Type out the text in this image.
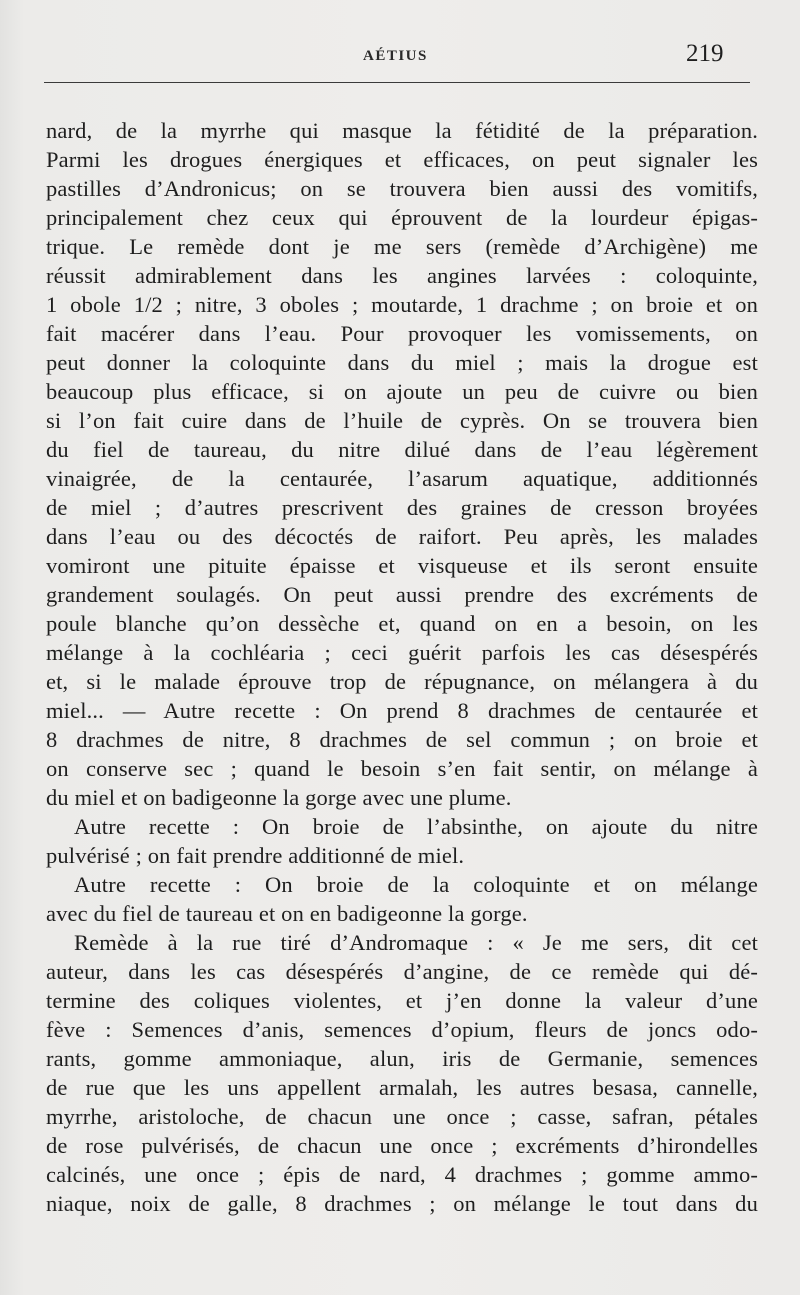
AÉTIUS	219
nard, de la myrrhe qui masque la fétidité de la préparation.
Parmi les drogues énergiques et efficaces, on peut signaler les
pastilles d’Andronicus; on se trouvera bien aussi des vomitifs,
principalement chez ceux qui éprouvent de la lourdeur épigas-
trique. Le remède dont je me sers (remède d’Archigène) me
réussit admirablement dans les angines larvées : coloquinte,
1 obole 1/2 ; nitre, 3 oboles ; moutarde, 1 drachme ; on broie et on
fait macérer dans l’eau. Pour provoquer les vomissements, on
peut donner la coloquinte dans du miel ; mais la drogue est
beaucoup plus efficace, si on ajoute un peu de cuivre ou bien
si l’on fait cuire dans de l’huile de cyprès. On se trouvera bien
du fiel de taureau, du nitre dilué dans de l’eau légèrement
vinaigrée, de la centaurée, l’asarum aquatique, additionnés
de miel ; d’autres prescrivent des graines de cresson broyées
dans l’eau ou des décoctés de raifort. Peu après, les malades
vomiront une pituite épaisse et visqueuse et ils seront ensuite
grandement soulagés. On peut aussi prendre des excréments de
poule blanche qu’on dessèche et, quand on en a besoin, on les
mélange à la cochléaria ; ceci guérit parfois les cas désespérés
et, si le malade éprouve trop de répugnance, on mélangera à du
miel... — Autre recette : On prend 8 drachmes de centaurée et
8 drachmes de nitre, 8 drachmes de sel commun ; on broie et
on conserve sec ; quand le besoin s’en fait sentir, on mélange à
du miel et on badigeonne la gorge avec une plume.
Autre recette : On broie de l’absinthe, on ajoute du nitre
pulvérisé ; on fait prendre additionné de miel.
Autre recette : On broie de la coloquinte et on mélange
avec du fiel de taureau et on en badigeonne la gorge.
Remède à la rue tiré d’Andromaque : « Je me sers, dit cet
auteur, dans les cas désespérés d’angine, de ce remède qui dé-
termine des coliques violentes, et j’en donne la valeur d’une
fève : Semences d’anis, semences d’opium, fleurs de joncs odo-
rants, gomme ammoniaque, alun, iris de Germanie, semences
de rue que les uns appellent armalah, les autres besasa, cannelle,
myrrhe, aristoloche, de chacun une once ; casse, safran, pétales
de rose pulvérisés, de chacun une once ; excréments d’hirondelles
calcinés, une once ; épis de nard, 4 drachmes ; gomme ammo-
niaque, noix de galle, 8 drachmes ; on mélange le tout dans du
